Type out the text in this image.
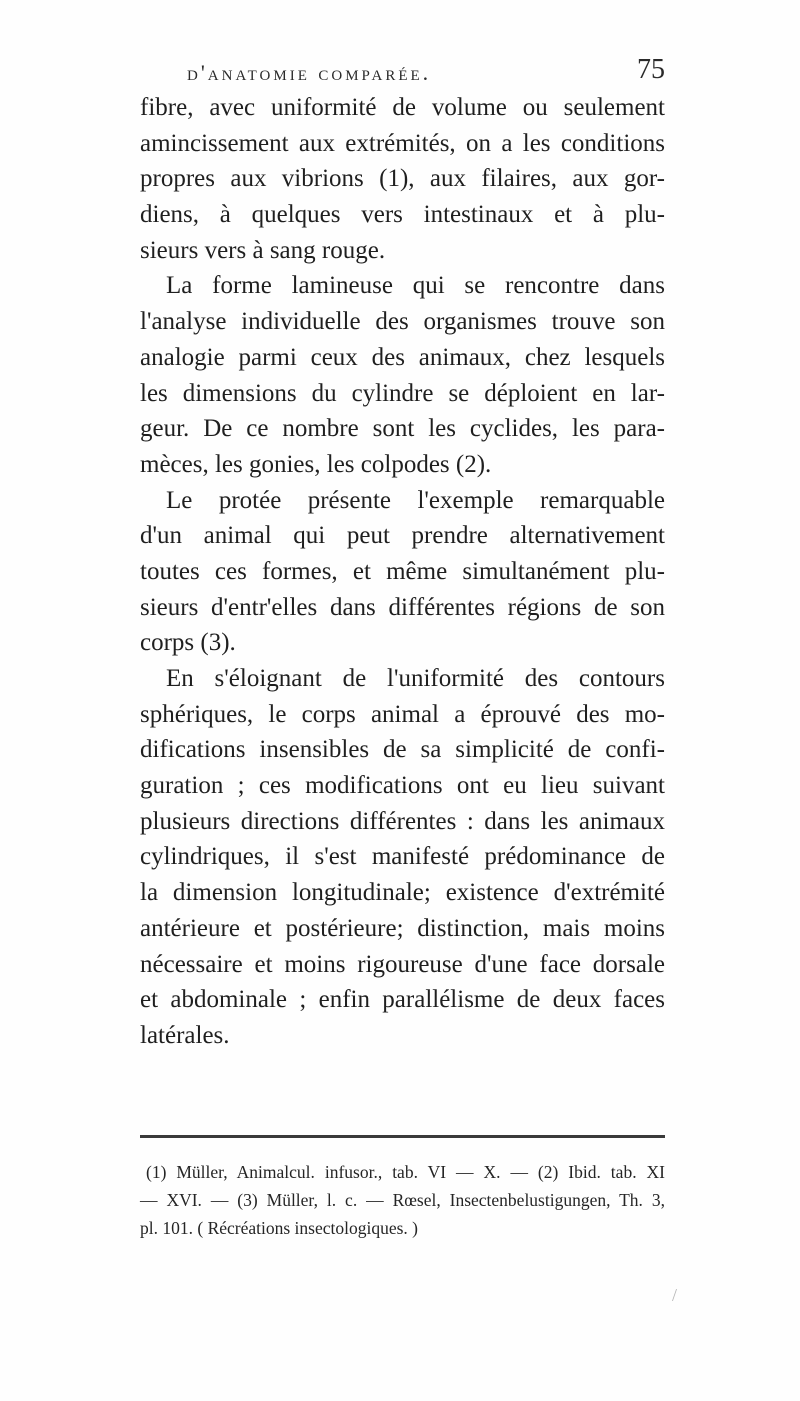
d'anatomie comparée.	75
fibre, avec uniformité de volume ou seulement
amincissement aux extrémités, on a les conditions
propres aux vibrions (1), aux filaires, aux gor-
diens, à quelques vers intestinaux et à plu-
sieurs vers à sang rouge.
La forme lamineuse qui se rencontre dans
l'analyse individuelle des organismes trouve son
analogie parmi ceux des animaux, chez lesquels
les dimensions du cylindre se déploient en lar-
geur. De ce nombre sont les cyclides, les para-
mèces, les gonies, les colpodes (2).
Le protée présente l'exemple remarquable
d'un animal qui peut prendre alternativement
toutes ces formes, et même simultanément plu-
sieurs d'entr'elles dans différentes régions de son
corps (3).
En s'éloignant de l'uniformité des contours
sphériques, le corps animal a éprouvé des mo-
difications insensibles de sa simplicité de confi-
guration ; ces modifications ont eu lieu suivant
plusieurs directions différentes : dans les animaux
cylindriques, il s'est manifesté prédominance de
la dimension longitudinale; existence d'extrémité
antérieure et postérieure; distinction, mais moins
nécessaire et moins rigoureuse d'une face dorsale
et abdominale ; enfin parallélisme de deux faces
latérales.
(1) Müller, Animalcul. infusor., tab. VI — X. — (2) Ibid. tab. XI
— XVI. — (3) Müller, l. c. — Rœsel, Insectenbelustigungen, Th. 3,
pl. 101. ( Récréations insectologiques. )
/
